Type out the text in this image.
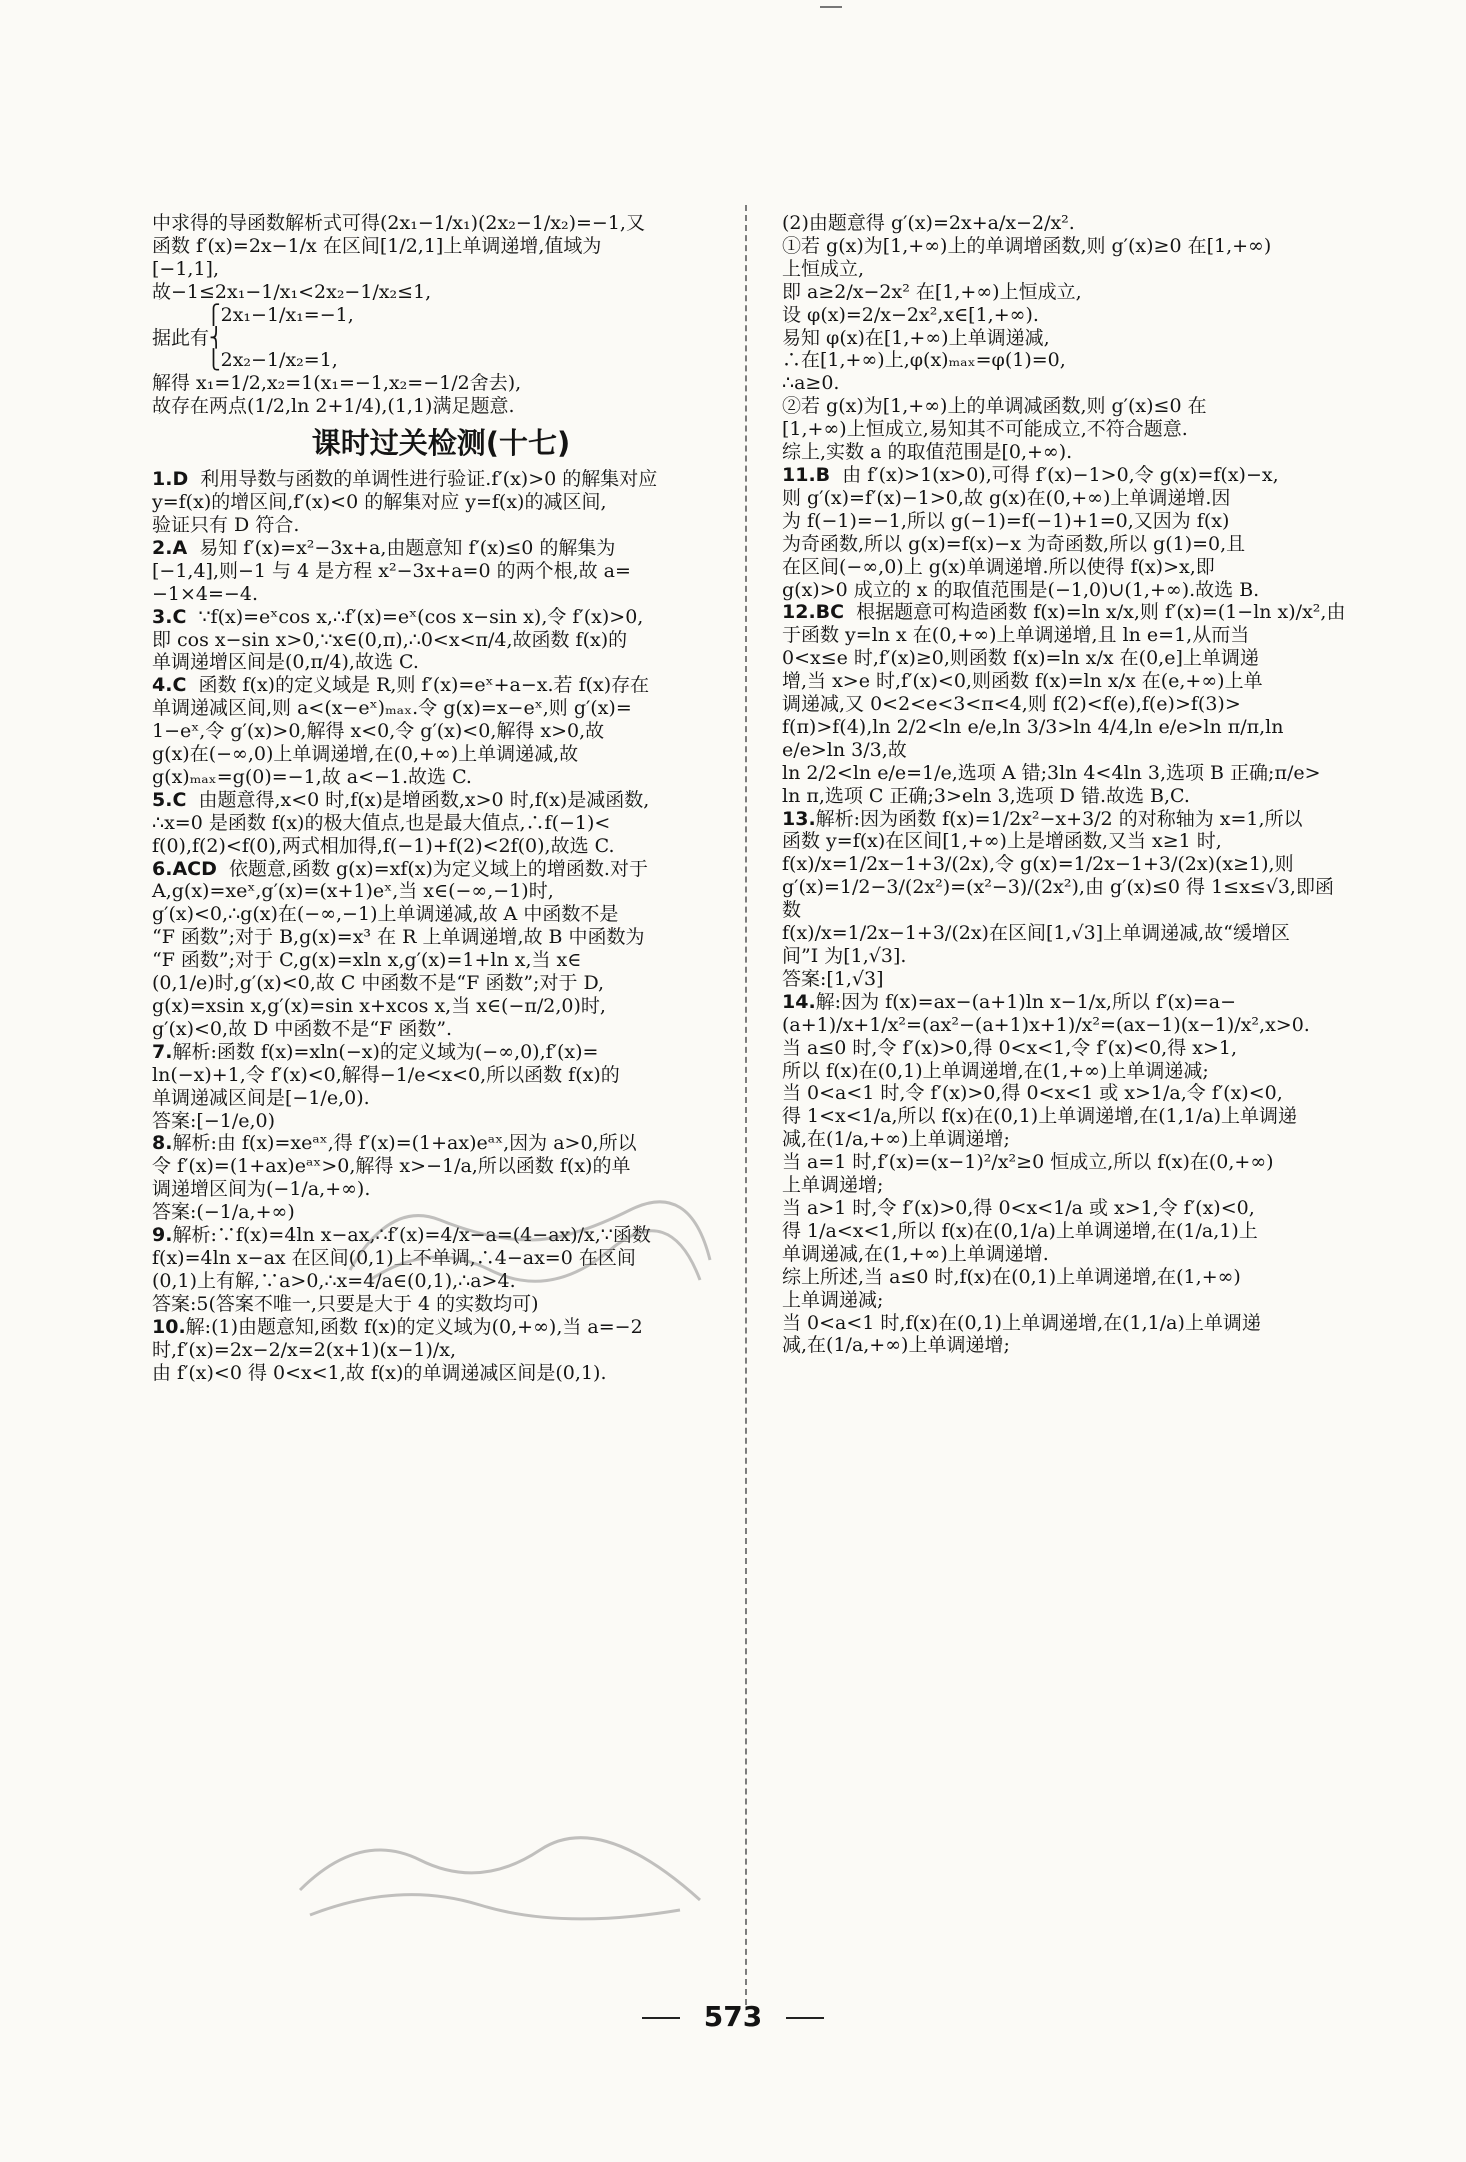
中求得的导函数解析式可得(2x₁−1/x₁)(2x₂−1/x₂)=−1,又
函数 f′(x)=2x−1/x 在区间[1/2,1]上单调递增,值域为
[−1,1],
故−1≤2x₁−1/x₁<2x₂−1/x₂≤1,
⎧2x₁−1/x₁=−1,
据此有⎨
⎩2x₂−1/x₂=1,
解得 x₁=1/2,x₂=1(x₁=−1,x₂=−1/2舍去),
故存在两点(1/2,ln 2+1/4),(1,1)满足题意.
课时过关检测(十七)
1.D  利用导数与函数的单调性进行验证.f′(x)>0 的解集对应
y=f(x)的增区间,f′(x)<0 的解集对应 y=f(x)的减区间,
验证只有 D 符合.
2.A  易知 f′(x)=x²−3x+a,由题意知 f′(x)≤0 的解集为
[−1,4],则−1 与 4 是方程 x²−3x+a=0 的两个根,故 a=
−1×4=−4.
3.C  ∵f(x)=eˣcos x,∴f′(x)=eˣ(cos x−sin x),令 f′(x)>0,
即 cos x−sin x>0,∵x∈(0,π),∴0<x<π/4,故函数 f(x)的
单调递增区间是(0,π/4),故选 C.
4.C  函数 f(x)的定义域是 R,则 f′(x)=eˣ+a−x.若 f(x)存在
单调递减区间,则 a<(x−eˣ)ₘₐₓ.令 g(x)=x−eˣ,则 g′(x)=
1−eˣ,令 g′(x)>0,解得 x<0,令 g′(x)<0,解得 x>0,故
g(x)在(−∞,0)上单调递增,在(0,+∞)上单调递减,故
g(x)ₘₐₓ=g(0)=−1,故 a<−1.故选 C.
5.C  由题意得,x<0 时,f(x)是增函数,x>0 时,f(x)是减函数,
∴x=0 是函数 f(x)的极大值点,也是最大值点,∴f(−1)<
f(0),f(2)<f(0),两式相加得,f(−1)+f(2)<2f(0),故选 C.
6.ACD  依题意,函数 g(x)=xf(x)为定义域上的增函数.对于
A,g(x)=xeˣ,g′(x)=(x+1)eˣ,当 x∈(−∞,−1)时,
g′(x)<0,∴g(x)在(−∞,−1)上单调递减,故 A 中函数不是
“F 函数”;对于 B,g(x)=x³ 在 R 上单调递增,故 B 中函数为
“F 函数”;对于 C,g(x)=xln x,g′(x)=1+ln x,当 x∈
(0,1/e)时,g′(x)<0,故 C 中函数不是“F 函数”;对于 D,
g(x)=xsin x,g′(x)=sin x+xcos x,当 x∈(−π/2,0)时,
g′(x)<0,故 D 中函数不是“F 函数”.
7.解析:函数 f(x)=xln(−x)的定义域为(−∞,0),f′(x)=
ln(−x)+1,令 f′(x)<0,解得−1/e<x<0,所以函数 f(x)的
单调递减区间是[−1/e,0).
答案:[−1/e,0)
8.解析:由 f(x)=xeᵃˣ,得 f′(x)=(1+ax)eᵃˣ,因为 a>0,所以
令 f′(x)=(1+ax)eᵃˣ>0,解得 x>−1/a,所以函数 f(x)的单
调递增区间为(−1/a,+∞).
答案:(−1/a,+∞)
9.解析:∵f(x)=4ln x−ax,∴f′(x)=4/x−a=(4−ax)/x,∵函数
f(x)=4ln x−ax 在区间(0,1)上不单调,∴4−ax=0 在区间
(0,1)上有解,∵a>0,∴x=4/a∈(0,1),∴a>4.
答案:5(答案不唯一,只要是大于 4 的实数均可)
10.解:(1)由题意知,函数 f(x)的定义域为(0,+∞),当 a=−2
时,f′(x)=2x−2/x=2(x+1)(x−1)/x,
由 f′(x)<0 得 0<x<1,故 f(x)的单调递减区间是(0,1).
(2)由题意得 g′(x)=2x+a/x−2/x².
①若 g(x)为[1,+∞)上的单调增函数,则 g′(x)≥0 在[1,+∞)
上恒成立,
即 a≥2/x−2x² 在[1,+∞)上恒成立,
设 φ(x)=2/x−2x²,x∈[1,+∞).
易知 φ(x)在[1,+∞)上单调递减,
∴在[1,+∞)上,φ(x)ₘₐₓ=φ(1)=0,
∴a≥0.
②若 g(x)为[1,+∞)上的单调减函数,则 g′(x)≤0 在
[1,+∞)上恒成立,易知其不可能成立,不符合题意.
综上,实数 a 的取值范围是[0,+∞).
11.B  由 f′(x)>1(x>0),可得 f′(x)−1>0,令 g(x)=f(x)−x,
则 g′(x)=f′(x)−1>0,故 g(x)在(0,+∞)上单调递增.因
为 f(−1)=−1,所以 g(−1)=f(−1)+1=0,又因为 f(x)
为奇函数,所以 g(x)=f(x)−x 为奇函数,所以 g(1)=0,且
在区间(−∞,0)上 g(x)单调递增.所以使得 f(x)>x,即
g(x)>0 成立的 x 的取值范围是(−1,0)∪(1,+∞).故选 B.
12.BC  根据题意可构造函数 f(x)=ln x/x,则 f′(x)=(1−ln x)/x²,由
于函数 y=ln x 在(0,+∞)上单调递增,且 ln e=1,从而当
0<x≤e 时,f′(x)≥0,则函数 f(x)=ln x/x 在(0,e]上单调递
增,当 x>e 时,f′(x)<0,则函数 f(x)=ln x/x 在(e,+∞)上单
调递减,又 0<2<e<3<π<4,则 f(2)<f(e),f(e)>f(3)>
f(π)>f(4),ln 2/2<ln e/e,ln 3/3>ln 4/4,ln e/e>ln π/π,ln e/e>ln 3/3,故
ln 2/2<ln e/e=1/e,选项 A 错;3ln 4<4ln 3,选项 B 正确;π/e>
ln π,选项 C 正确;3>eln 3,选项 D 错.故选 B,C.
13.解析:因为函数 f(x)=1/2x²−x+3/2 的对称轴为 x=1,所以
函数 y=f(x)在区间[1,+∞)上是增函数,又当 x≥1 时,
f(x)/x=1/2x−1+3/(2x),令 g(x)=1/2x−1+3/(2x)(x≥1),则
g′(x)=1/2−3/(2x²)=(x²−3)/(2x²),由 g′(x)≤0 得 1≤x≤√3,即函数
f(x)/x=1/2x−1+3/(2x)在区间[1,√3]上单调递减,故“缓增区
间”I 为[1,√3].
答案:[1,√3]
14.解:因为 f(x)=ax−(a+1)ln x−1/x,所以 f′(x)=a−
(a+1)/x+1/x²=(ax²−(a+1)x+1)/x²=(ax−1)(x−1)/x²,x>0.
当 a≤0 时,令 f′(x)>0,得 0<x<1,令 f′(x)<0,得 x>1,
所以 f(x)在(0,1)上单调递增,在(1,+∞)上单调递减;
当 0<a<1 时,令 f′(x)>0,得 0<x<1 或 x>1/a,令 f′(x)<0,
得 1<x<1/a,所以 f(x)在(0,1)上单调递增,在(1,1/a)上单调递
减,在(1/a,+∞)上单调递增;
当 a=1 时,f′(x)=(x−1)²/x²≥0 恒成立,所以 f(x)在(0,+∞)
上单调递增;
当 a>1 时,令 f′(x)>0,得 0<x<1/a 或 x>1,令 f′(x)<0,
得 1/a<x<1,所以 f(x)在(0,1/a)上单调递增,在(1/a,1)上
单调递减,在(1,+∞)上单调递增.
综上所述,当 a≤0 时,f(x)在(0,1)上单调递增,在(1,+∞)
上单调递减;
当 0<a<1 时,f(x)在(0,1)上单调递增,在(1,1/a)上单调递
减,在(1/a,+∞)上单调递增;
573
